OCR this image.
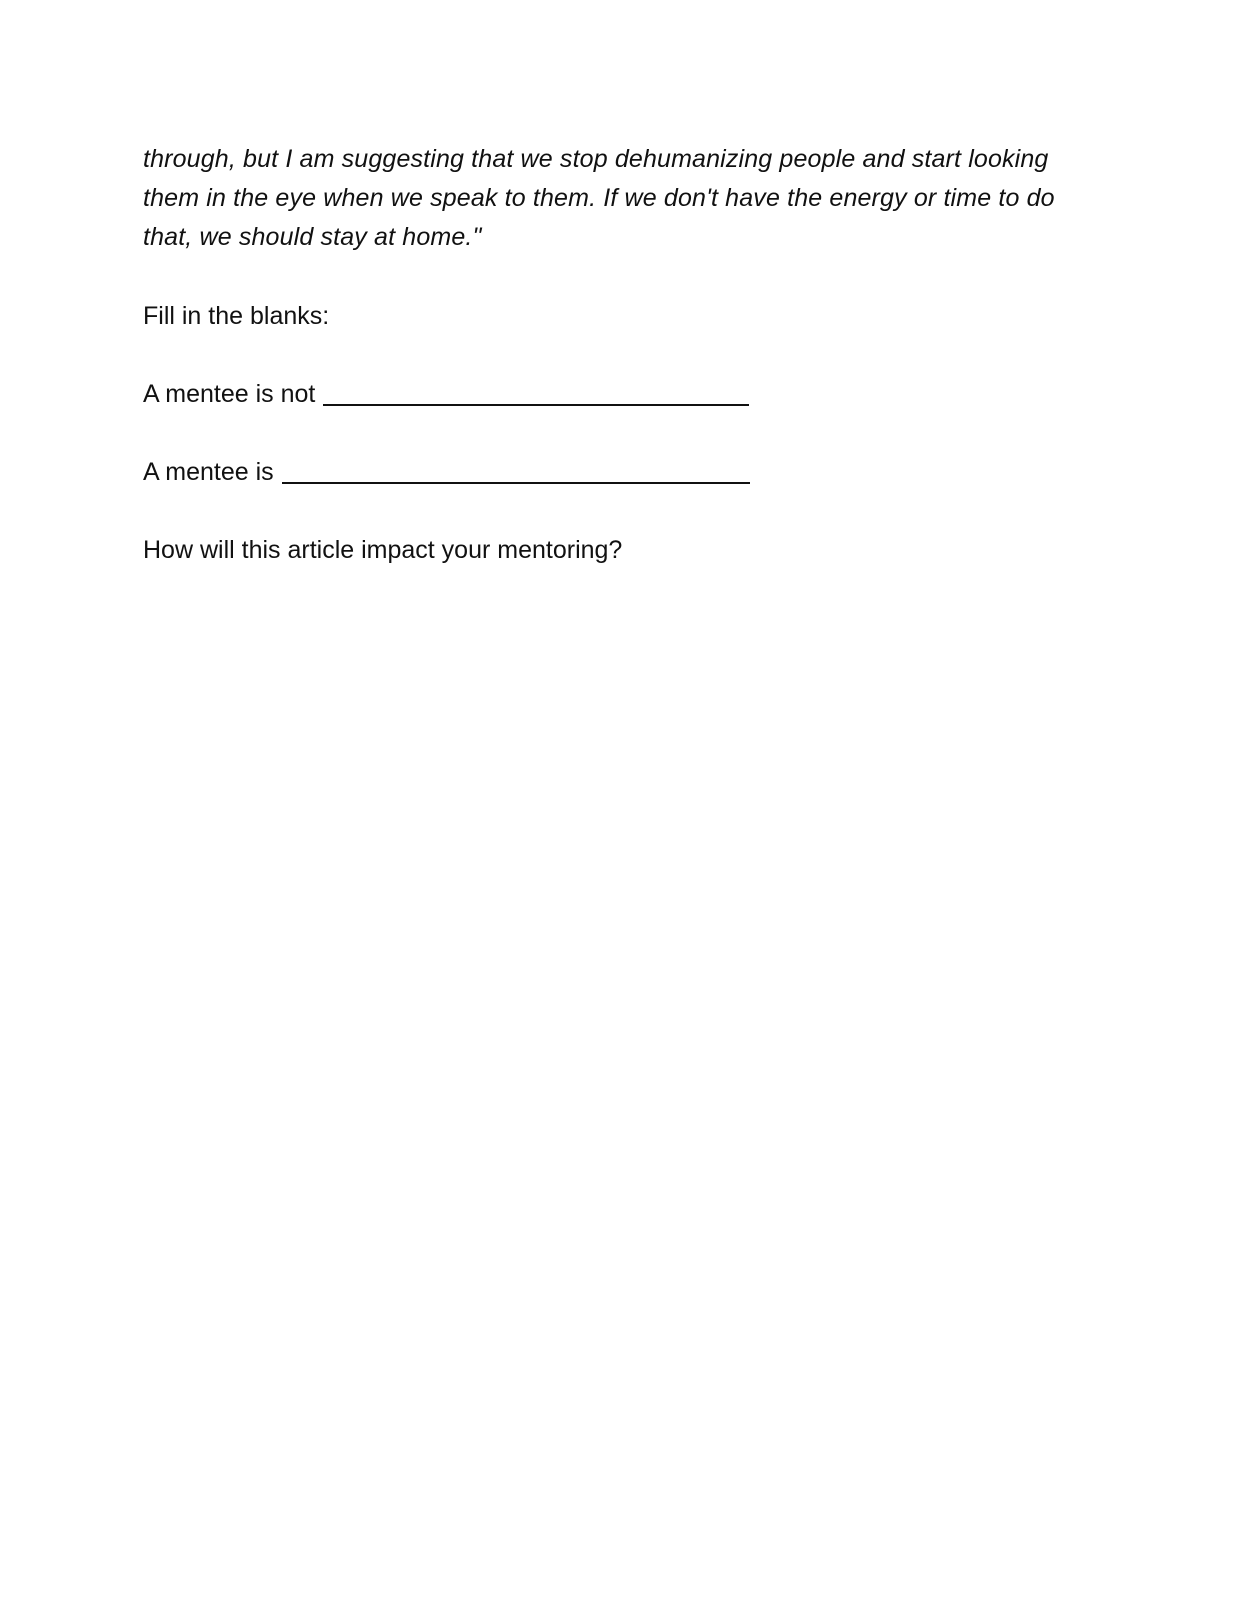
through, but I am suggesting that we stop dehumanizing people and start looking
them in the eye when we speak to them. If we don't have the energy or time to do
that, we should stay at home."

Fill in the blanks:

A mentee is not

A mentee is

How will this article impact your mentoring?
